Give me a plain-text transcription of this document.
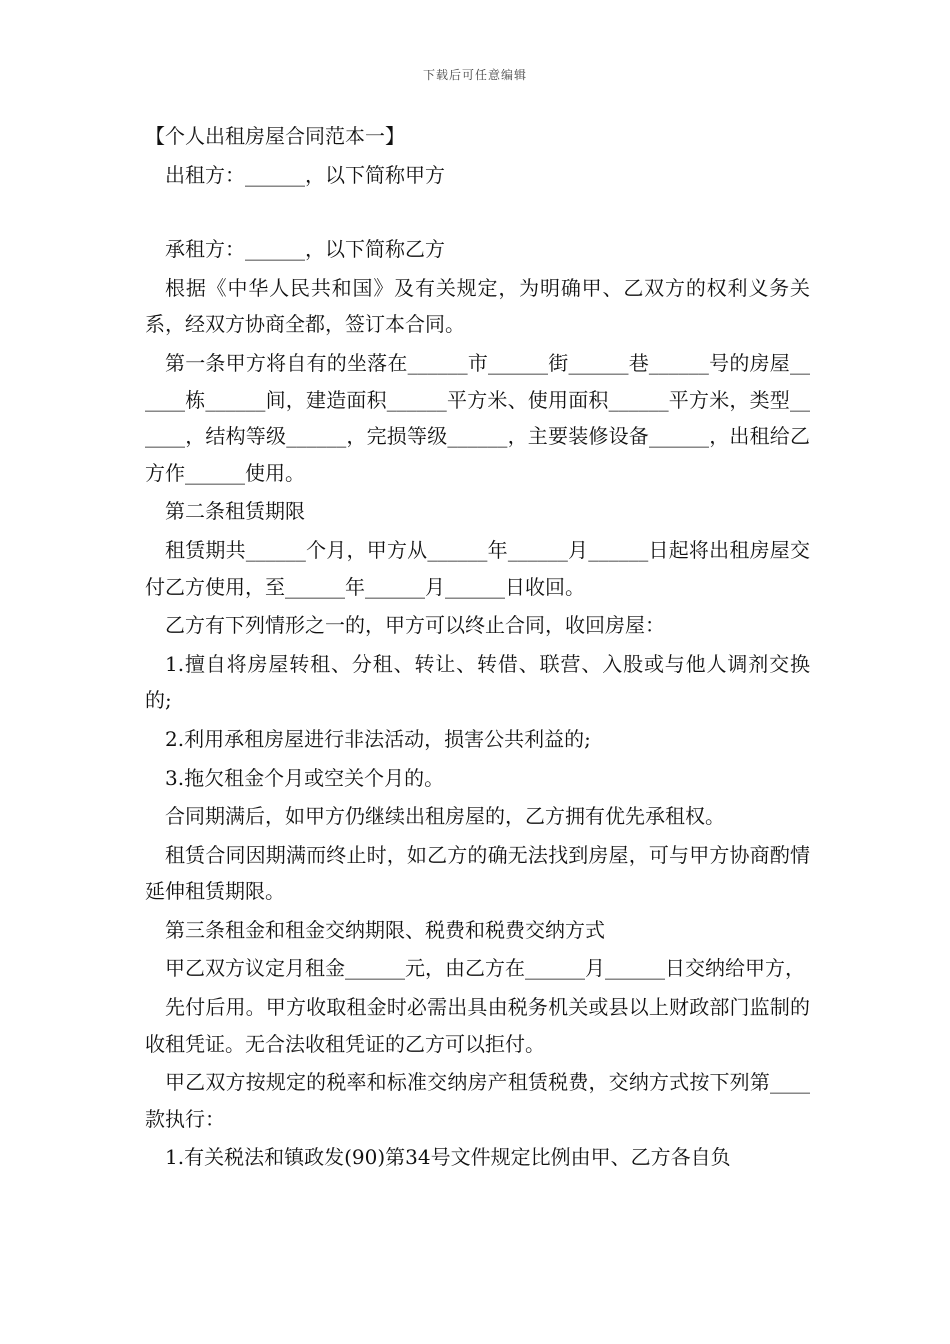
下载后可任意编辑

【个人出租房屋合同范本一】

出租方：______，以下简称甲方

承租方：______，以下简称乙方

根据《中华人民共和国》及有关规定，为明确甲、乙双方的权利义务关系，经双方协商全都，签订本合同。

第一条甲方将自有的坐落在______市______街______巷______号的房屋______栋______间，建造面积______平方米、使用面积______平方米，类型______，结构等级______，完损等级______，主要装修设备______，出租给乙方作______使用。

第二条租赁期限

租赁期共______个月，甲方从______年______月______日起将出租房屋交付乙方使用，至______年______月______日收回。

乙方有下列情形之一的，甲方可以终止合同，收回房屋：

1.擅自将房屋转租、分租、转让、转借、联营、入股或与他人调剂交换的;

2.利用承租房屋进行非法活动，损害公共利益的;

3.拖欠租金个月或空关个月的。

合同期满后，如甲方仍继续出租房屋的，乙方拥有优先承租权。

租赁合同因期满而终止时，如乙方的确无法找到房屋，可与甲方协商酌情延伸租赁期限。

第三条租金和租金交纳期限、税费和税费交纳方式

甲乙双方议定月租金______元，由乙方在______月______日交纳给甲方，

先付后用。甲方收取租金时必需出具由税务机关或县以上财政部门监制的收租凭证。无合法收租凭证的乙方可以拒付。

甲乙双方按规定的税率和标准交纳房产租赁税费，交纳方式按下列第____款执行：

1.有关税法和镇政发(90)第34号文件规定比例由甲、乙方各自负
